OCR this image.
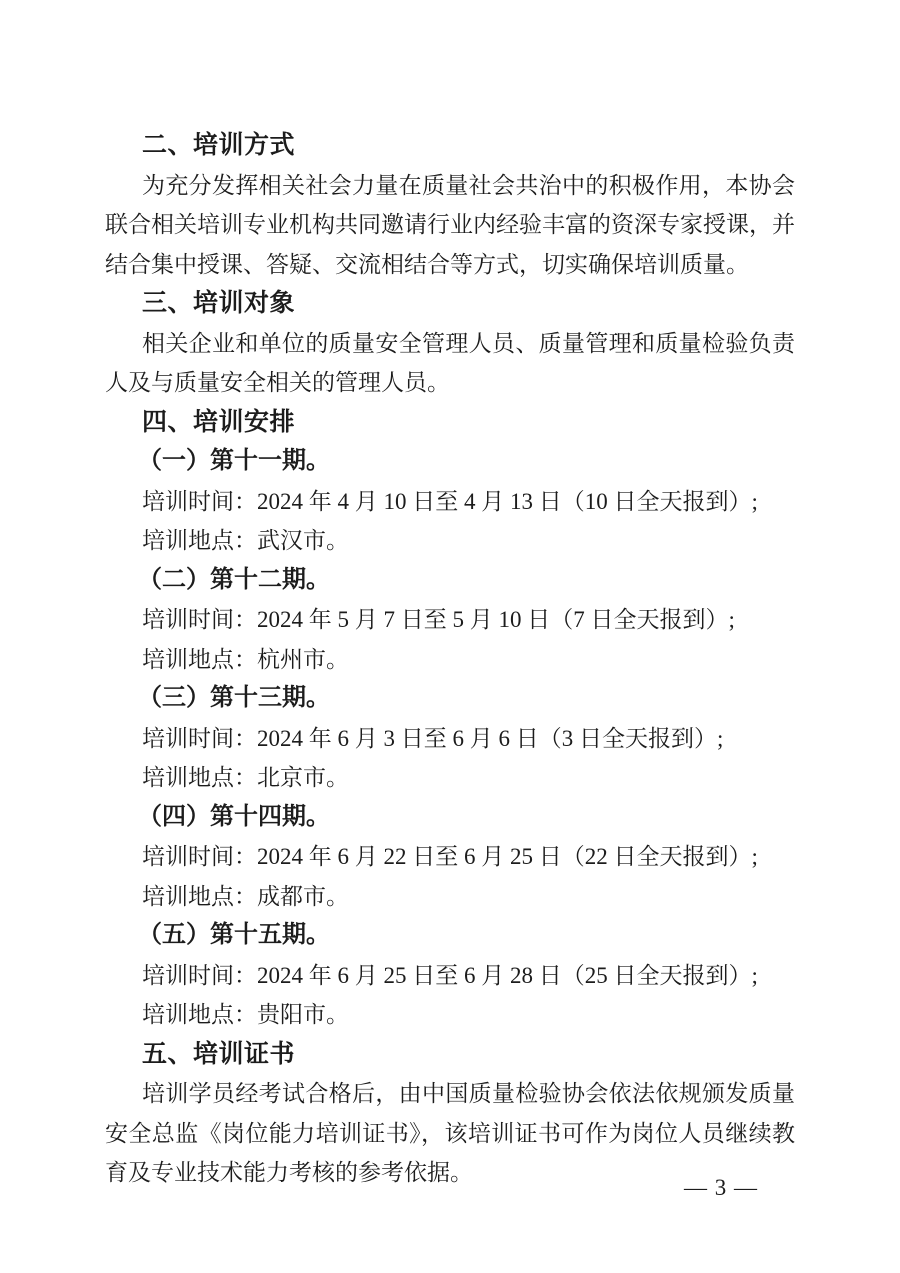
二、培训方式
为充分发挥相关社会力量在质量社会共治中的积极作用，本协会
联合相关培训专业机构共同邀请行业内经验丰富的资深专家授课，并
结合集中授课、答疑、交流相结合等方式，切实确保培训质量。
三、培训对象
相关企业和单位的质量安全管理人员、质量管理和质量检验负责
人及与质量安全相关的管理人员。
四、培训安排
（一）第十一期。
培训时间：2024 年 4 月 10 日至 4 月 13 日（10 日全天报到）;
培训地点：武汉市。
（二）第十二期。
培训时间：2024 年 5 月 7 日至 5 月 10 日（7 日全天报到）;
培训地点：杭州市。
（三）第十三期。
培训时间：2024 年 6 月 3 日至 6 月 6 日（3 日全天报到）;
培训地点：北京市。
（四）第十四期。
培训时间：2024 年 6 月 22 日至 6 月 25 日（22 日全天报到）;
培训地点：成都市。
（五）第十五期。
培训时间：2024 年 6 月 25 日至 6 月 28 日（25 日全天报到）;
培训地点：贵阳市。
五、培训证书
培训学员经考试合格后，由中国质量检验协会依法依规颁发质量
安全总监《岗位能力培训证书》，该培训证书可作为岗位人员继续教
育及专业技术能力考核的参考依据。
— 3 —
